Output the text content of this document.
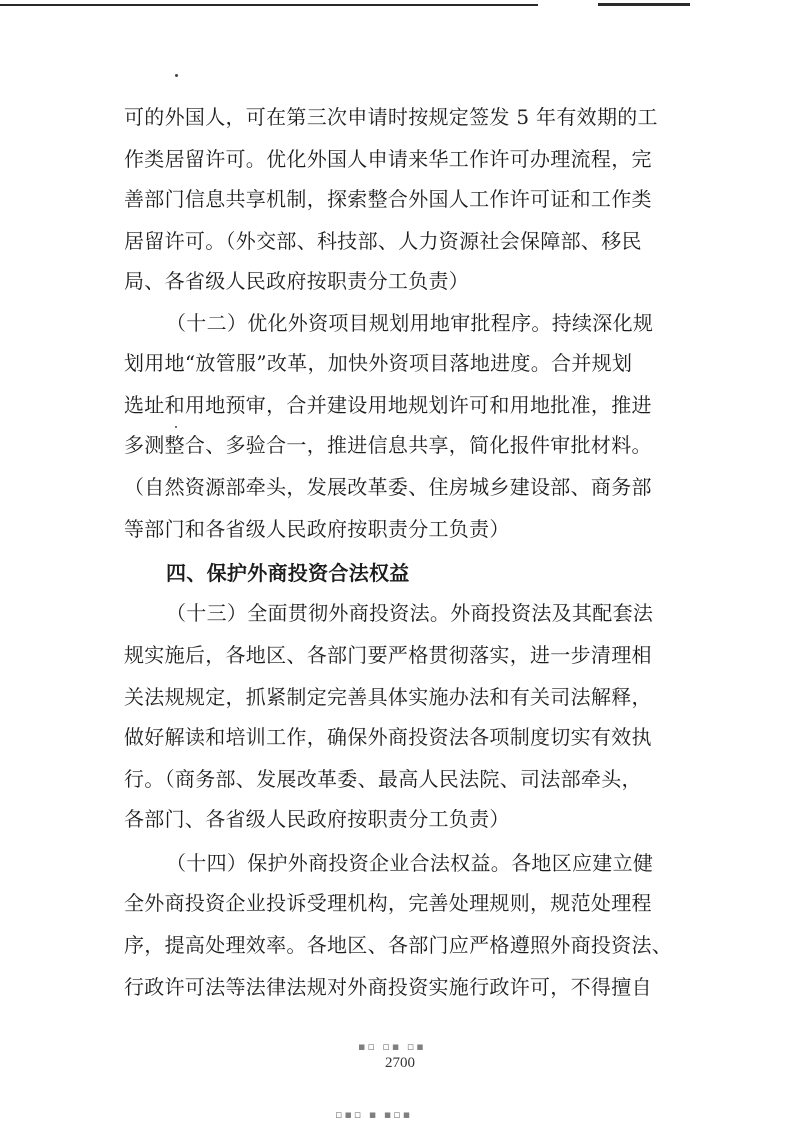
可的外国人，可在第三次申请时按规定签发 5 年有效期的工
作类居留许可。优化外国人申请来华工作许可办理流程，完
善部门信息共享机制，探索整合外国人工作许可证和工作类
居留许可。（外交部、科技部、人力资源社会保障部、移民
局、各省级人民政府按职责分工负责）
（十二）优化外资项目规划用地审批程序。持续深化规
划用地“放管服”改革，加快外资项目落地进度。合并规划
选址和用地预审，合并建设用地规划许可和用地批准，推进
多测整合、多验合一，推进信息共享，简化报件审批材料。
（自然资源部牵头，发展改革委、住房城乡建设部、商务部
等部门和各省级人民政府按职责分工负责）
四、保护外商投资合法权益
（十三）全面贯彻外商投资法。外商投资法及其配套法
规实施后，各地区、各部门要严格贯彻落实，进一步清理相
关法规规定，抓紧制定完善具体实施办法和有关司法解释，
做好解读和培训工作，确保外商投资法各项制度切实有效执
行。（商务部、发展改革委、最高人民法院、司法部牵头，
各部门、各省级人民政府按职责分工负责）
（十四）保护外商投资企业合法权益。各地区应建立健
全外商投资企业投诉受理机构，完善处理规则，规范处理程
序，提高处理效率。各地区、各部门应严格遵照外商投资法、
行政许可法等法律法规对外商投资实施行政许可，不得擅自
▪▫ ▫▪ ▫▪
2700
▫▪▫ ▪ ▪▫▪
